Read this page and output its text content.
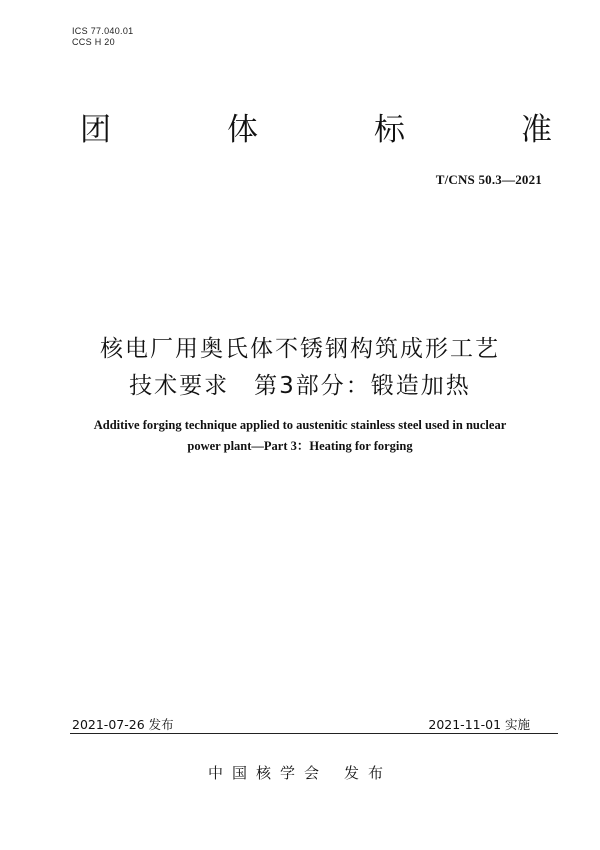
ICS 77.040.01
CCS H 20
团	体	标	准
T/CNS 50.3—2021
核电厂用奥氏体不锈钢构筑成形工艺
技术要求　第3部分：锻造加热
Additive forging technique applied to austenitic stainless steel used in nuclear
power plant—Part 3：Heating for forging
2021-07-26 发布	2021-11-01 实施
中国核学会 发布
